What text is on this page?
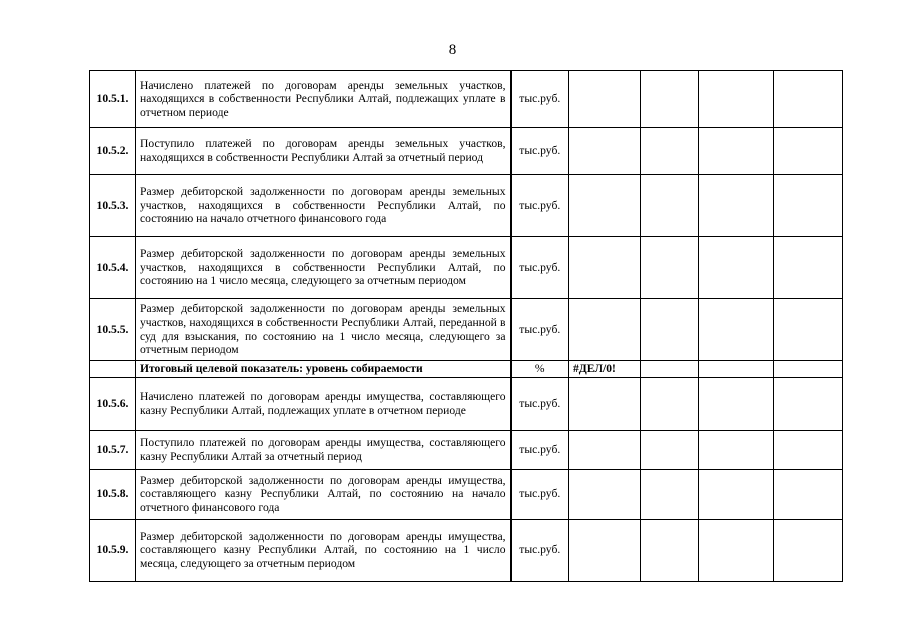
8
10.5.1.	Начислено платежей по договорам аренды земельных участков, находящихся в собственности Республики Алтай, подлежащих уплате в отчетном периоде	тыс.руб.				
10.5.2.	Поступило платежей по договорам аренды земельных участков, находящихся в собственности Республики Алтай за отчетный период	тыс.руб.				
10.5.3.	Размер дебиторской задолженности по договорам аренды земельных участков, находящихся в собственности Республики Алтай, по состоянию на начало отчетного финансового года	тыс.руб.				
10.5.4.	Размер дебиторской задолженности по договорам аренды земельных участков, находящихся в собственности Республики Алтай, по состоянию на 1 число месяца, следующего за отчетным периодом	тыс.руб.				
10.5.5.	Размер дебиторской задолженности по договорам аренды земельных участков, находящихся в собственности Республики Алтай, переданной в суд для взыскания, по состоянию на 1 число месяца, следующего за отчетным периодом	тыс.руб.				
	Итоговый целевой показатель: уровень собираемости	%	#ДЕЛ/0!			
10.5.6.	Начислено платежей по договорам аренды имущества, составляющего казну Республики Алтай, подлежащих уплате в отчетном периоде	тыс.руб.				
10.5.7.	Поступило платежей по договорам аренды имущества, составляющего казну Республики Алтай за отчетный период	тыс.руб.				
10.5.8.	Размер дебиторской задолженности по договорам аренды имущества, составляющего казну Республики Алтай, по состоянию на начало отчетного финансового года	тыс.руб.				
10.5.9.	Размер дебиторской задолженности по договорам аренды имущества, составляющего казну Республики Алтай, по состоянию на 1 число месяца, следующего за отчетным периодом	тыс.руб.				
